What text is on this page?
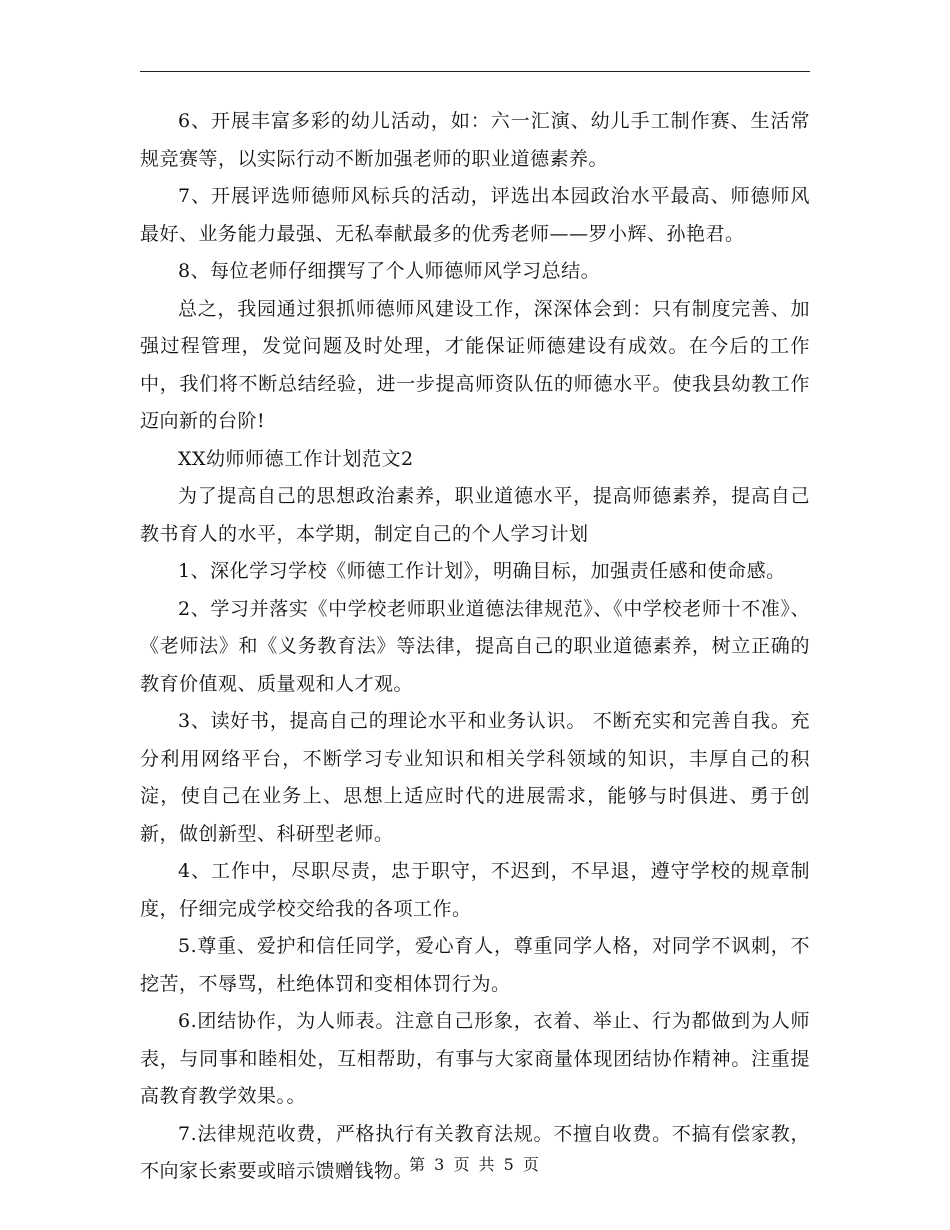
6、开展丰富多彩的幼儿活动，如：六一汇演、幼儿手工制作赛、生活常规竞赛等，以实际行动不断加强老师的职业道德素养。

7、开展评选师德师风标兵的活动，评选出本园政治水平最高、师德师风最好、业务能力最强、无私奉献最多的优秀老师——罗小辉、孙艳君。

8、每位老师仔细撰写了个人师德师风学习总结。

总之，我园通过狠抓师德师风建设工作，深深体会到：只有制度完善、加强过程管理，发觉问题及时处理，才能保证师德建设有成效。在今后的工作中，我们将不断总结经验，进一步提高师资队伍的师德水平。使我县幼教工作迈向新的台阶!

XX幼师师德工作计划范文2

为了提高自己的思想政治素养，职业道德水平，提高师德素养，提高自己教书育人的水平，本学期，制定自己的个人学习计划

1、深化学习学校《师德工作计划》，明确目标，加强责任感和使命感。

2、学习并落实《中学校老师职业道德法律规范》、《中学校老师十不准》、《老师法》和《义务教育法》等法律，提高自己的职业道德素养，树立正确的教育价值观、质量观和人才观。

3、读好书，提高自己的理论水平和业务认识。 不断充实和完善自我。充分利用网络平台，不断学习专业知识和相关学科领域的知识，丰厚自己的积淀，使自己在业务上、思想上适应时代的进展需求，能够与时俱进、勇于创新，做创新型、科研型老师。

4、工作中，尽职尽责，忠于职守，不迟到，不早退，遵守学校的规章制度，仔细完成学校交给我的各项工作。

5.尊重、爱护和信任同学，爱心育人，尊重同学人格，对同学不讽刺，不挖苦，不辱骂，杜绝体罚和变相体罚行为。

6.团结协作，为人师表。注意自己形象，衣着、举止、行为都做到为人师表，与同事和睦相处，互相帮助，有事与大家商量体现团结协作精神。注重提高教育教学效果。。

7.法律规范收费，严格执行有关教育法规。不擅自收费。不搞有偿家教，不向家长索要或暗示馈赠钱物。

第 3 页 共 5 页
